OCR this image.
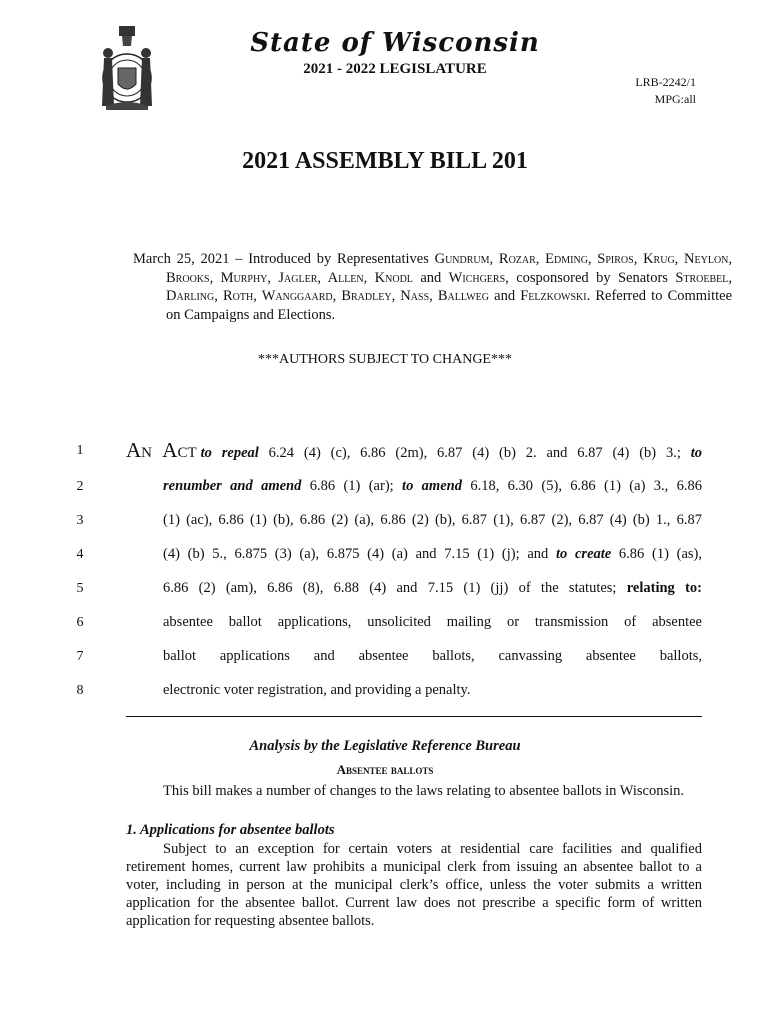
State of Wisconsin
2021 - 2022 LEGISLATURE
LRB-2242/1
MPG:all
2021 ASSEMBLY BILL 201
March 25, 2021 – Introduced by Representatives Gundrum, Rozar, Edming, Spiros, Krug, Neylon, Brooks, Murphy, Jagler, Allen, Knodl and Wichgers, cosponsored by Senators Stroebel, Darling, Roth, Wanggaard, Bradley, Nass, Ballweg and Felzkowski. Referred to Committee on Campaigns and Elections.
***AUTHORS SUBJECT TO CHANGE***
1	An Act to repeal 6.24 (4) (c), 6.86 (2m), 6.87 (4) (b) 2. and 6.87 (4) (b) 3.; to
2	renumber and amend 6.86 (1) (ar); to amend 6.18, 6.30 (5), 6.86 (1) (a) 3., 6.86
3	(1) (ac), 6.86 (1) (b), 6.86 (2) (a), 6.86 (2) (b), 6.87 (1), 6.87 (2), 6.87 (4) (b) 1., 6.87
4	(4) (b) 5., 6.875 (3) (a), 6.875 (4) (a) and 7.15 (1) (j); and to create 6.86 (1) (as),
5	6.86 (2) (am), 6.86 (8), 6.88 (4) and 7.15 (1) (jj) of the statutes; relating to:
6	absentee ballot applications, unsolicited mailing or transmission of absentee
7	ballot applications and absentee ballots, canvassing absentee ballots,
8	electronic voter registration, and providing a penalty.
Analysis by the Legislative Reference Bureau
Absentee ballots
This bill makes a number of changes to the laws relating to absentee ballots in Wisconsin.
1. Applications for absentee ballots
Subject to an exception for certain voters at residential care facilities and qualified retirement homes, current law prohibits a municipal clerk from issuing an absentee ballot to a voter, including in person at the municipal clerk’s office, unless the voter submits a written application for the absentee ballot. Current law does not prescribe a specific form of written application for requesting absentee ballots.
